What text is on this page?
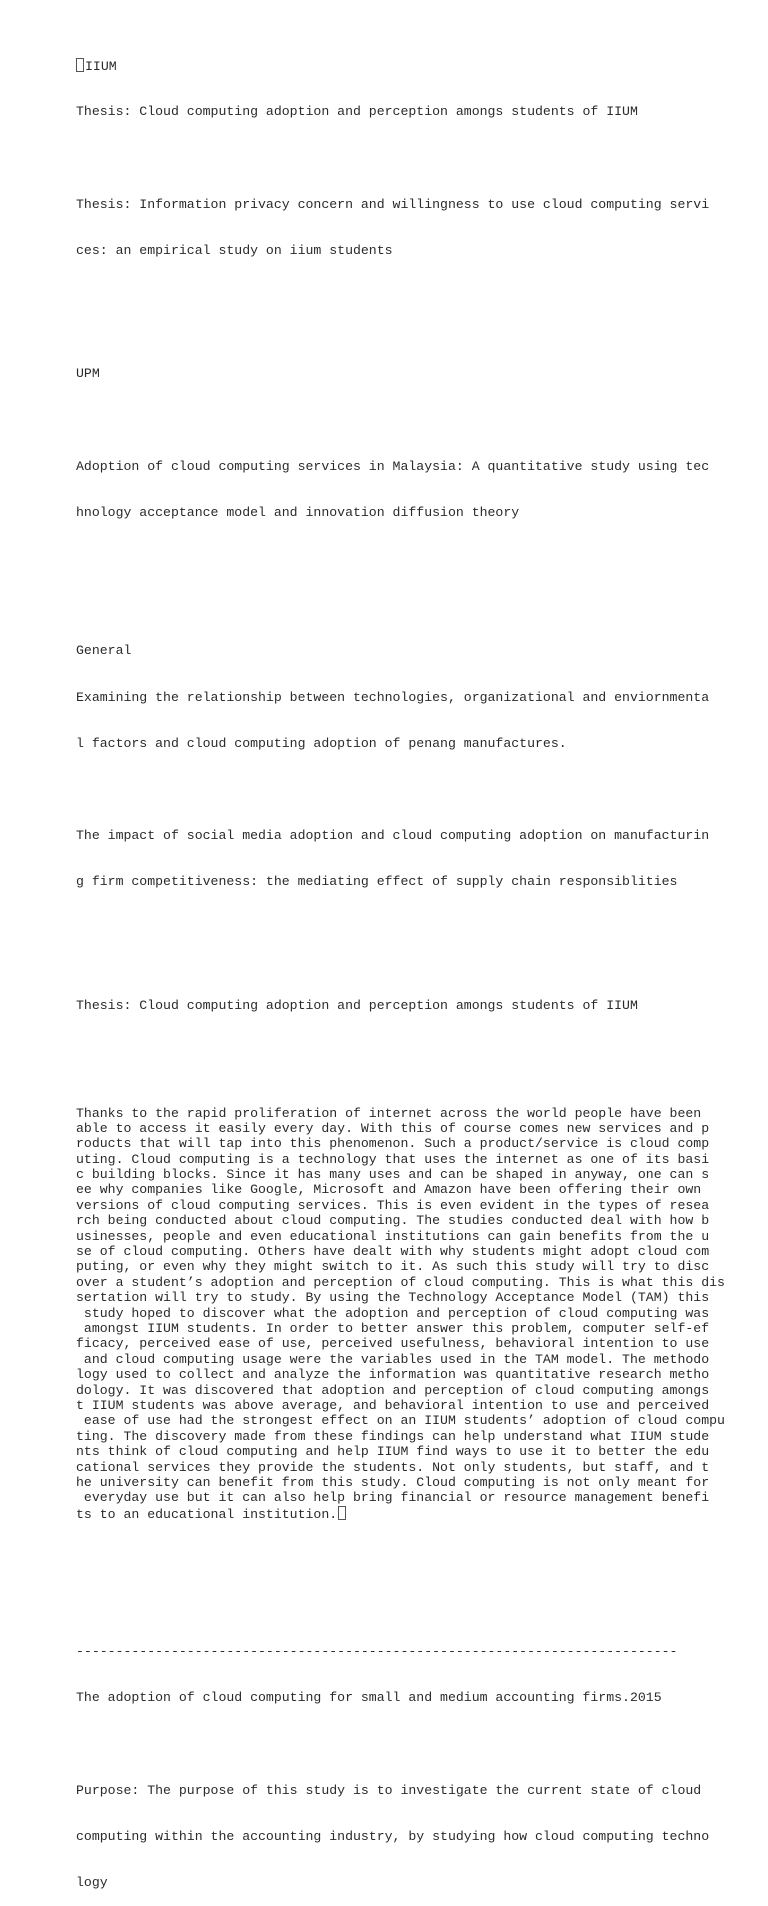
IIUM

Thesis: Cloud computing adoption and perception amongs students of IIUM

Thesis: Information privacy concern and willingness to use cloud computing servi

ces: an empirical study on iium students

UPM

Adoption of cloud computing services in Malaysia: A quantitative study using tec

hnology acceptance model and innovation diffusion theory

General

Examining the relationship between technologies, organizational and enviornmenta

l factors and cloud computing adoption of penang manufactures.

The impact of social media adoption and cloud computing adoption on manufacturin

g firm competitiveness: the mediating effect of supply chain responsiblities

Thesis: Cloud computing adoption and perception amongs students of IIUM

Thanks to the rapid proliferation of internet across the world people have been
able to access it easily every day. With this of course comes new services and p
roducts that will tap into this phenomenon. Such a product/service is cloud comp
uting. Cloud computing is a technology that uses the internet as one of its basi
c building blocks. Since it has many uses and can be shaped in anyway, one can s
ee why companies like Google, Microsoft and Amazon have been offering their own
versions of cloud computing services. This is even evident in the types of resea
rch being conducted about cloud computing. The studies conducted deal with how b
usinesses, people and even educational institutions can gain benefits from the u
se of cloud computing. Others have dealt with why students might adopt cloud com
puting, or even why they might switch to it. As such this study will try to disc
over a student’s adoption and perception of cloud computing. This is what this dis
sertation will try to study. By using the Technology Acceptance Model (TAM) this
study hoped to discover what the adoption and perception of cloud computing was
amongst IIUM students. In order to better answer this problem, computer self-ef
ficacy, perceived ease of use, perceived usefulness, behavioral intention to use
and cloud computing usage were the variables used in the TAM model. The methodo
logy used to collect and analyze the information was quantitative research metho
dology. It was discovered that adoption and perception of cloud computing amongs
t IIUM students was above average, and behavioral intention to use and perceived
ease of use had the strongest effect on an IIUM students’ adoption of cloud compu
ting. The discovery made from these findings can help understand what IIUM stude
nts think of cloud computing and help IIUM find ways to use it to better the edu
cational services they provide the students. Not only students, but staff, and t
he university can benefit from this study. Cloud computing is not only meant for
everyday use but it can also help bring financial or resource management benefi
ts to an educational institution.

----------------------------------------------------------------------------

The adoption of cloud computing for small and medium accounting firms.2015

Purpose: The purpose of this study is to investigate the current state of cloud

computing within the accounting industry, by studying how cloud computing techno

logy
